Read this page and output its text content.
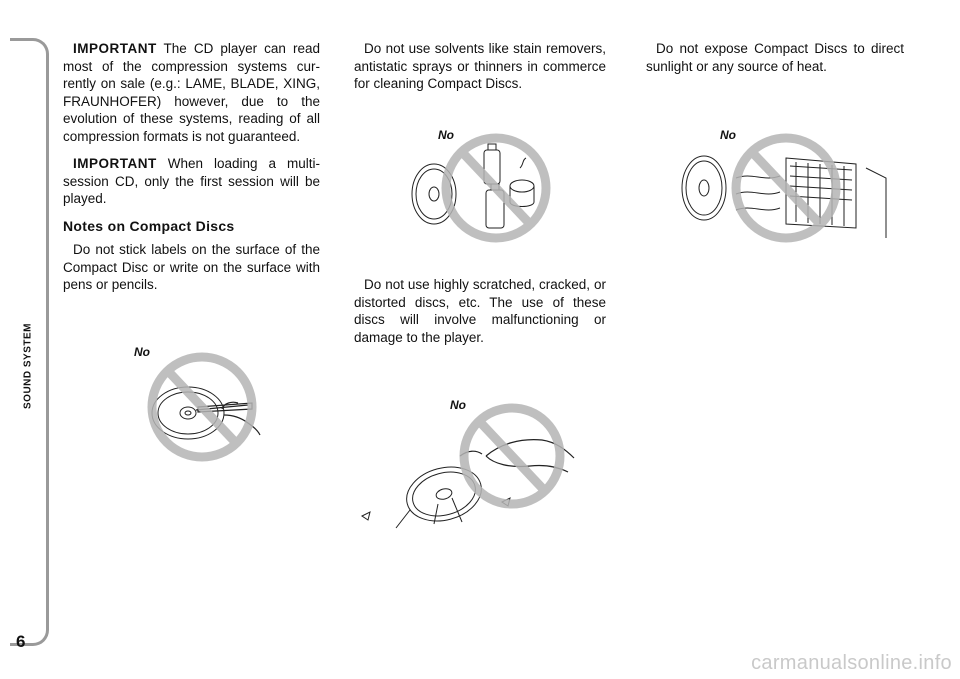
SOUND SYSTEM
6

IMPORTANT The CD player can read most of the compression systems cur-rently on sale (e.g.: LAME, BLADE, XING, FRAUNHOFER) however, due to the evolution of these systems, reading of all compression formats is not guaranteed.

IMPORTANT When loading a multi-session CD, only the first session will be played.

Notes on Compact Discs

Do not stick labels on the surface of the Compact Disc or write on the surface with pens or pencils.

Do not use solvents like stain removers, antistatic sprays or thinners in commerce for cleaning Compact Discs.

Do not use highly scratched, cracked, or distorted discs, etc. The use of these discs will involve malfunctioning or damage to the player.

Do not expose Compact Discs to direct sunlight or any source of heat.

No
No	No
No
carmanualsonline.info
